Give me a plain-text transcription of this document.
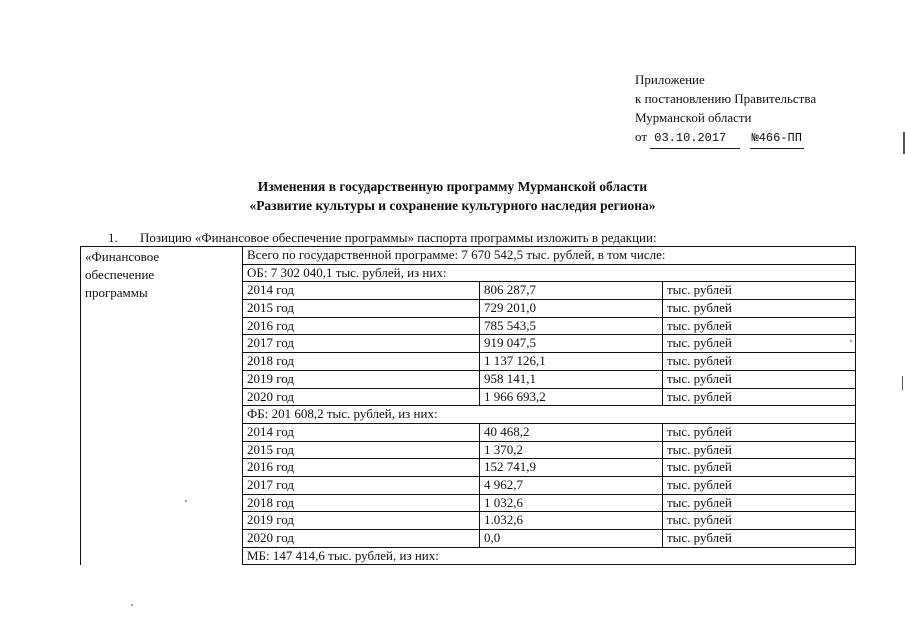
Приложение
к постановлению Правительства
Мурманской области
от 03.10.2017 №466-ПП
Изменения в государственную программу Мурманской области
«Развитие культуры и сохранение культурного наследия региона»
1. Позицию «Финансовое обеспечение программы» паспорта программы изложить в редакции:
«Финансовое
обеспечение
программы	Всего по государственной программе: 7 670 542,5 тыс. рублей, в том числе:		
	ОБ: 7 302 040,1 тыс. рублей, из них:		
	2014 год	806 287,7	тыс. рублей
	2015 год	729 201,0	тыс. рублей
	2016 год	785 543,5	тыс. рублей
	2017 год	919 047,5	тыс. рублей
	2018 год	1 137 126,1	тыс. рублей
	2019 год	958 141,1	тыс. рублей
	2020 год	1 966 693,2	тыс. рублей
	ФБ: 201 608,2 тыс. рублей, из них:		
	2014 год	40 468,2	тыс. рублей
	2015 год	1 370,2	тыс. рублей
	2016 год	152 741,9	тыс. рублей
	2017 год	4 962,7	тыс. рублей
	2018 год	1 032,6	тыс. рублей
	2019 год	1.032,6	тыс. рублей
	2020 год	0,0	тыс. рублей
	МБ: 147 414,6 тыс. рублей, из них:		
